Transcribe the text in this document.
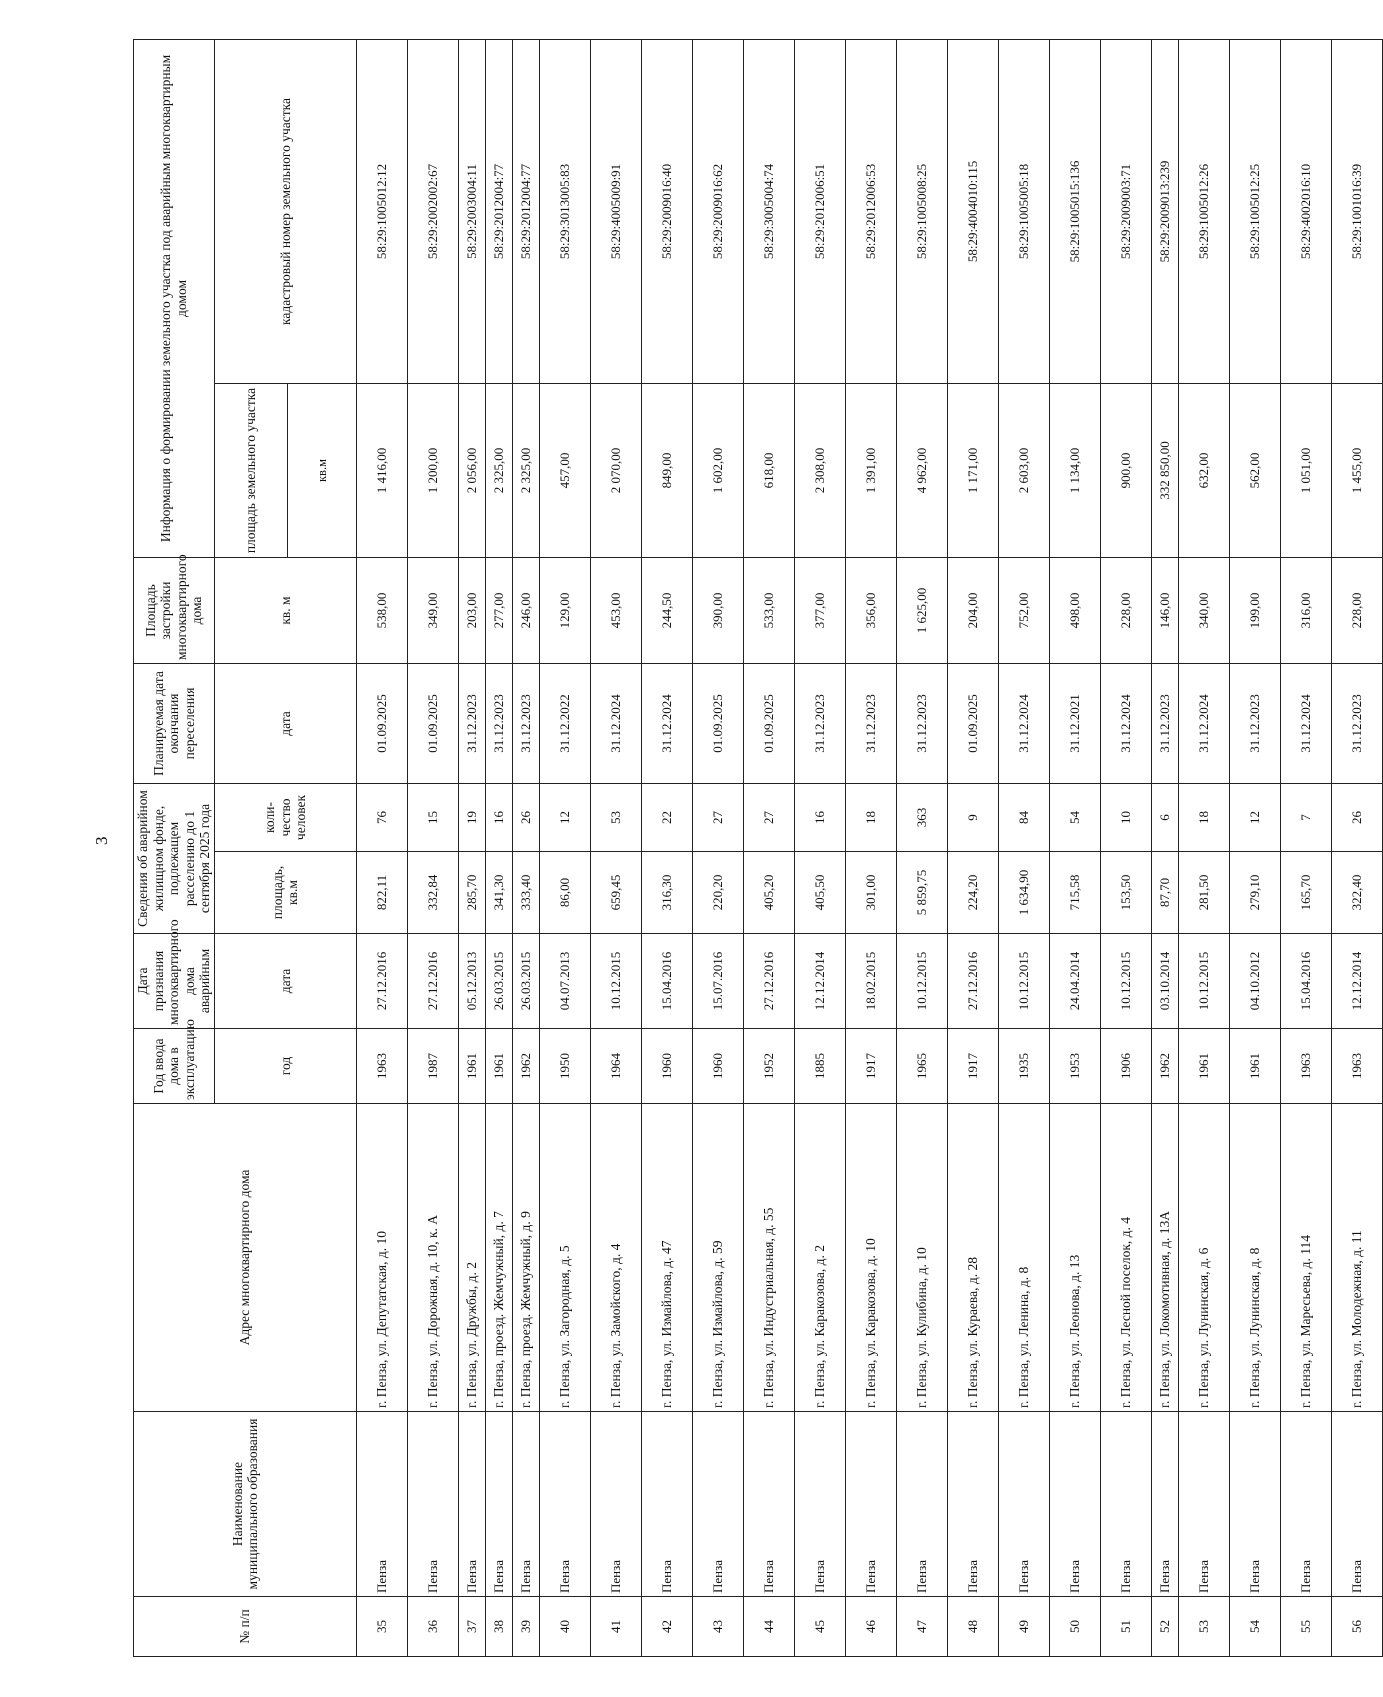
3
№ п/п	Наименование муниципального образования	Адрес многоквартирного дома	Год ввода дома в эксплуатацию	Дата признания многоквартирного дома аварийным	Сведения об аварийном жилищном фонде, подлежащем расселению до 1 сентября 2025 года		Планируемая дата окончания переселения	Площадь застройки многоквартирного дома	Информация о формировании земельного участка под аварийным многоквартирным домом		
			год	дата	площадь, кв.м	коли-чество человек	дата	кв. м	площадь земельного участка	кадастровый номер земельного участка	
									кв.м		
35	Пенза	г. Пенза, ул. Депутатская, д. 10	1963	27.12.2016	822,11	76	01.09.2025	538,00	1 416,00	58:29:1005012:12	
36	Пенза	г. Пенза, ул. Дорожная, д. 10, к. А	1987	27.12.2016	332,84	15	01.09.2025	349,00	1 200,00	58:29:2002002:67	
37	Пенза	г. Пенза, ул. Дружбы, д. 2	1961	05.12.2013	285,70	19	31.12.2023	203,00	2 056,00	58:29:2003004:11	
38	Пенза	г. Пенза, проезд. Жемчужный, д. 7	1961	26.03.2015	341,30	16	31.12.2023	277,00	2 325,00	58:29:2012004:77	
39	Пенза	г. Пенза, проезд. Жемчужный, д. 9	1962	26.03.2015	333,40	26	31.12.2023	246,00	2 325,00	58:29:2012004:77	
40	Пенза	г. Пенза, ул. Загородная, д. 5	1950	04.07.2013	86,00	12	31.12.2022	129,00	457,00	58:29:3013005:83	
41	Пенза	г. Пенза, ул. Замойского, д. 4	1964	10.12.2015	659,45	53	31.12.2024	453,00	2 070,00	58:29:4005009:91	
42	Пенза	г. Пенза, ул. Измайлова, д. 47	1960	15.04.2016	316,30	22	31.12.2024	244,50	849,00	58:29:2009016:40	
43	Пенза	г. Пенза, ул. Измайлова, д. 59	1960	15.07.2016	220,20	27	01.09.2025	390,00	1 602,00	58:29:2009016:62	
44	Пенза	г. Пенза, ул. Индустриальная, д. 55	1952	27.12.2016	405,20	27	01.09.2025	533,00	618,00	58:29:3005004:74	
45	Пенза	г. Пенза, ул. Каракозова, д. 2	1885	12.12.2014	405,50	16	31.12.2023	377,00	2 308,00	58:29:2012006:51	
46	Пенза	г. Пенза, ул. Каракозова, д. 10	1917	18.02.2015	301,00	18	31.12.2023	356,00	1 391,00	58:29:2012006:53	
47	Пенза	г. Пенза, ул. Кулибина, д. 10	1965	10.12.2015	5 859,75	363	31.12.2023	1 625,00	4 962,00	58:29:1005008:25	
48	Пенза	г. Пенза, ул. Кураева, д. 28	1917	27.12.2016	224,20	9	01.09.2025	204,00	1 171,00	58:29:4004010:115	
49	Пенза	г. Пенза, ул. Ленина, д. 8	1935	10.12.2015	1 634,90	84	31.12.2024	752,00	2 603,00	58:29:1005005:18	
50	Пенза	г. Пенза, ул. Леонова, д. 13	1953	24.04.2014	715,58	54	31.12.2021	498,00	1 134,00	58:29:1005015:136	
51	Пенза	г. Пенза, ул. Лесной поселок, д. 4	1906	10.12.2015	153,50	10	31.12.2024	228,00	900,00	58:29:2009003:71	
52	Пенза	г. Пенза, ул. Локомотивная, д. 13А	1962	03.10.2014	87,70	6	31.12.2023	146,00	332 850,00	58:29:2009013:239	
53	Пенза	г. Пенза, ул. Лунинская, д. 6	1961	10.12.2015	281,50	18	31.12.2024	340,00	632,00	58:29:1005012:26	
54	Пенза	г. Пенза, ул. Лунинская, д. 8	1961	04.10.2012	279,10	12	31.12.2023	199,00	562,00	58:29:1005012:25	
55	Пенза	г. Пенза, ул. Маресьева, д. 114	1963	15.04.2016	165,70	7	31.12.2024	316,00	1 051,00	58:29:4002016:10	
56	Пенза	г. Пенза, ул. Молодежная, д. 11	1963	12.12.2014	322,40	26	31.12.2023	228,00	1 455,00	58:29:1001016:39	
